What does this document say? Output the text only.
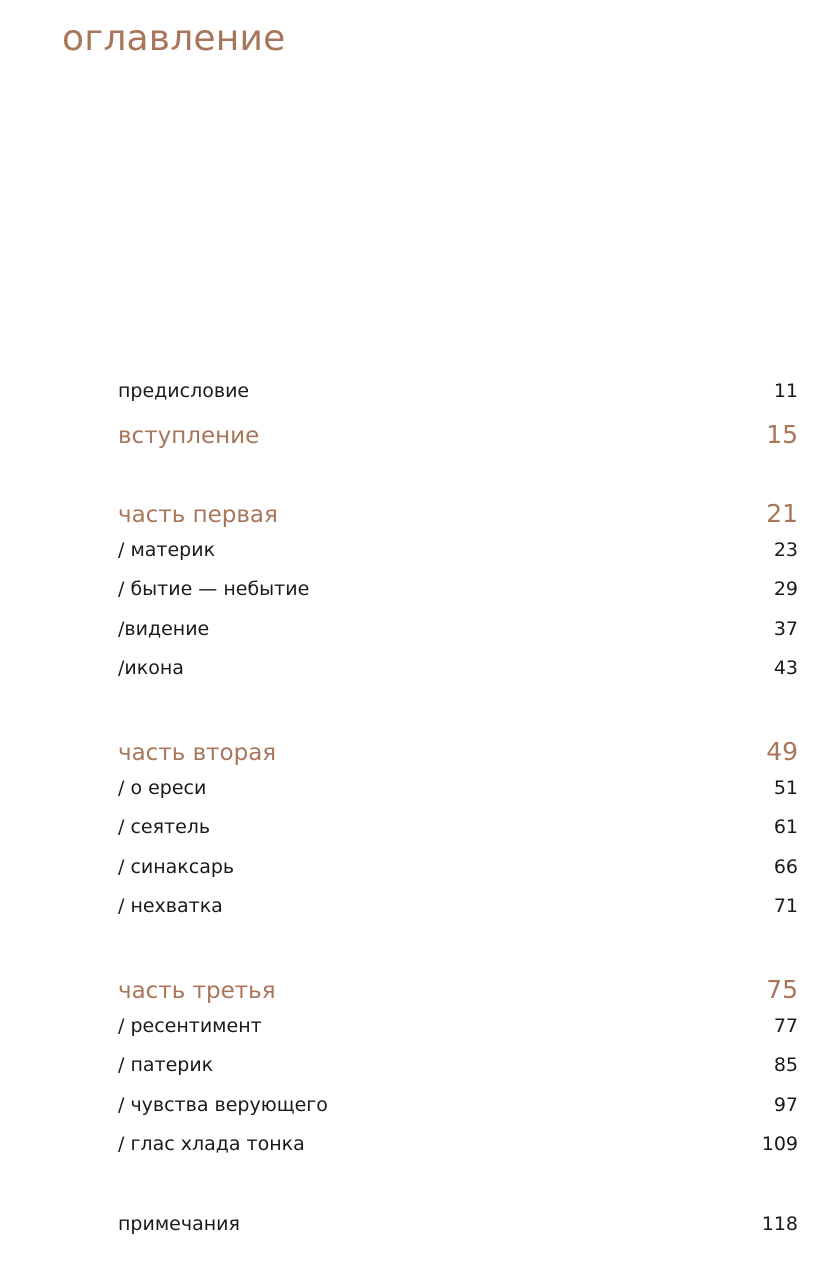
оглавление
предисловие	11
вступление	15
часть первая	21
/ материк	23
/ бытие — небытие	29
/видение	37
/икона	43
часть вторая	49
/ о ереси	51
/ сеятель	61
/ синаксарь	66
/ нехватка	71
часть третья	75
/ ресентимент	77
/ патерик	85
/ чувства верующего	97
/ глас хлада тонка	109
примечания	118
